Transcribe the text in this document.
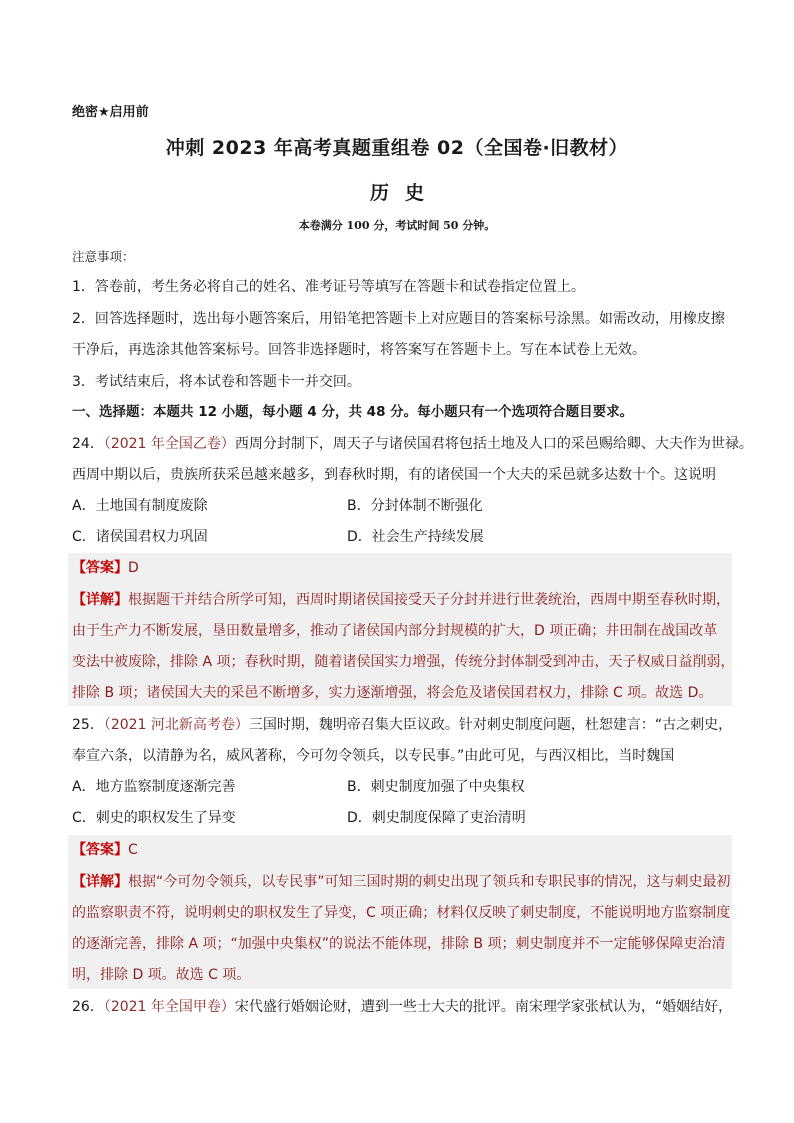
绝密★启用前
冲刺 2023 年高考真题重组卷 02（全国卷·旧教材）
历史
本卷满分 100 分，考试时间 50 分钟。
注意事项：
1．答卷前，考生务必将自己的姓名、准考证号等填写在答题卡和试卷指定位置上。
2．回答选择题时，选出每小题答案后，用铅笔把答题卡上对应题目的答案标号涂黑。如需改动，用橡皮擦
干净后，再选涂其他答案标号。回答非选择题时，将答案写在答题卡上。写在本试卷上无效。
3．考试结束后，将本试卷和答题卡一并交回。
一、选择题：本题共 12 小题，每小题 4 分，共 48 分。每小题只有一个选项符合题目要求。
24．（2021 年全国乙卷）西周分封制下，周天子与诸侯国君将包括土地及人口的采邑赐给卿、大夫作为世禄。
西周中期以后，贵族所获采邑越来越多，到春秋时期，有的诸侯国一个大夫的采邑就多达数十个。这说明
A．土地国有制度废除	B．分封体制不断强化
C．诸侯国君权力巩固	D．社会生产持续发展
【答案】D
【详解】根据题干并结合所学可知，西周时期诸侯国接受天子分封并进行世袭统治，西周中期至春秋时期，
由于生产力不断发展，垦田数量增多，推动了诸侯国内部分封规模的扩大，D 项正确；井田制在战国改革
变法中被废除，排除 A 项；春秋时期，随着诸侯国实力增强，传统分封体制受到冲击，天子权威日益削弱，
排除 B 项；诸侯国大夫的采邑不断增多，实力逐渐增强，将会危及诸侯国君权力，排除 C 项。故选 D。
25．（2021 河北新高考卷）三国时期，魏明帝召集大臣议政。针对刺史制度问题，杜恕建言：“古之刺史，
奉宣六条，以清静为名，威风著称，今可勿令领兵，以专民事。”由此可见，与西汉相比，当时魏国
A．地方监察制度逐渐完善	B．刺史制度加强了中央集权
C．刺史的职权发生了异变	D．刺史制度保障了吏治清明
【答案】C
【详解】根据“今可勿令领兵，以专民事”可知三国时期的刺史出现了领兵和专职民事的情况，这与刺史最初
的监察职责不符，说明刺史的职权发生了异变，C 项正确；材料仅反映了刺史制度，不能说明地方监察制度
的逐渐完善，排除 A 项；“加强中央集权”的说法不能体现，排除 B 项；刺史制度并不一定能够保障吏治清
明，排除 D 项。故选 C 项。
26．（2021 年全国甲卷）宋代盛行婚姻论财，遭到一些士大夫的批评。南宋理学家张栻认为，“婚姻结好，
